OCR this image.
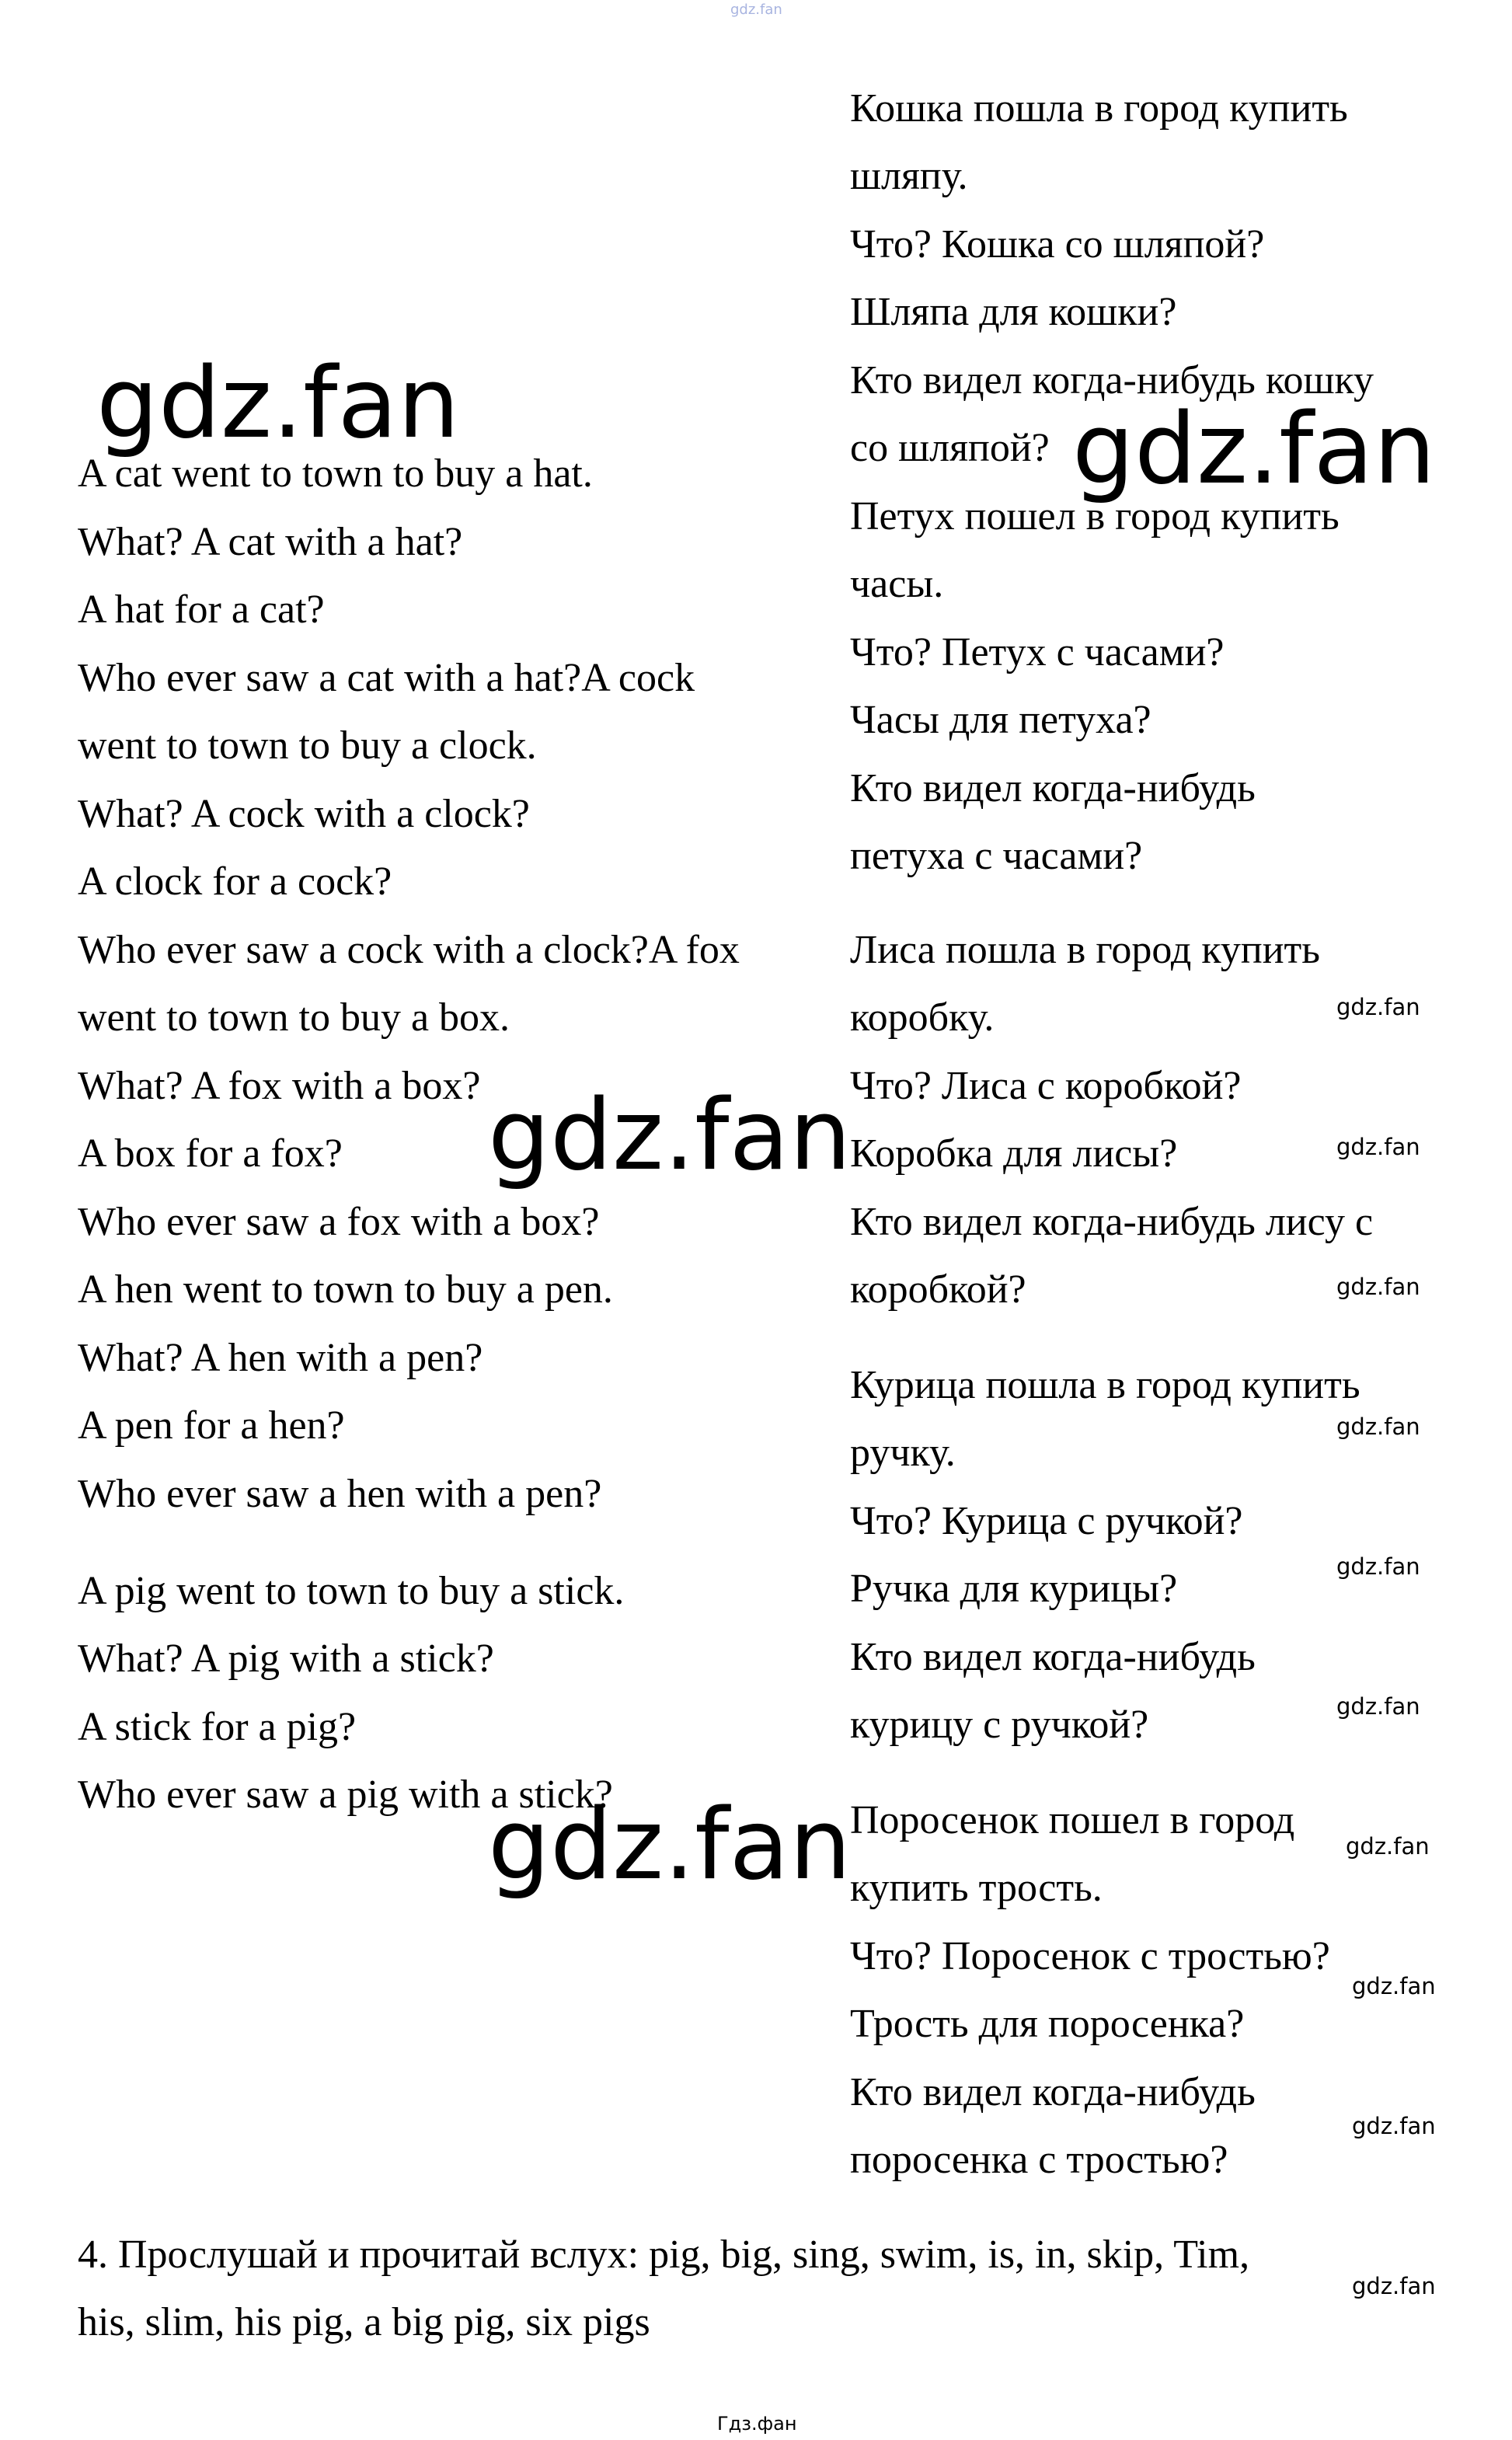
gdz.fan

A cat went to town to buy a hat.

What? A cat with a hat?

A hat for a cat?

Who ever saw a cat with a hat?A cock

went to town to buy a clock.

What? A cock with a clock?

A clock for a cock?

Who ever saw a cock with a clock?A fox

went to town to buy a box.

What? A fox with a box?

A box for a fox?

Who ever saw a fox with a box?

A hen went to town to buy a pen.

What? A hen with a pen?

A pen for a hen?

Who ever saw a hen with a pen?

A pig went to town to buy a stick.

What? A pig with a stick?

A stick for a pig?

Who ever saw a pig with a stick?

Кошка пошла в город купить

шляпу.

Что? Кошка со шляпой?

Шляпа для кошки?

Кто видел когда-нибудь кошку

со шляпой?

Петух пошел в город купить

часы.

Что? Петух с часами?

Часы для петуха?

Кто видел когда-нибудь

петуха с часами?

Лиса пошла в город купить

коробку.

Что? Лиса с коробкой?

Коробка для лисы?

Кто видел когда-нибудь лису с

коробкой?

Курица пошла в город купить

ручку.

Что? Курица с ручкой?

Ручка для курицы?

Кто видел когда-нибудь

курицу с ручкой?

Поросенок пошел в город

купить трость.

Что? Поросенок с тростью?

Трость для поросенка?

Кто видел когда-нибудь

поросенка с тростью?

4. Прослушай и прочитай вслух: pig, big, sing, swim, is, in, skip, Tim,

his, slim, his pig, a big pig, six pigs

gdz.fan	gdz.fan
gdz.fan
gdz.fan
gdz.fan
gdz.fan
gdz.fan
gdz.fan
gdz.fan
gdz.fan
gdz.fan
gdz.fan
gdz.fan
gdz.fan
Гдз.фан
